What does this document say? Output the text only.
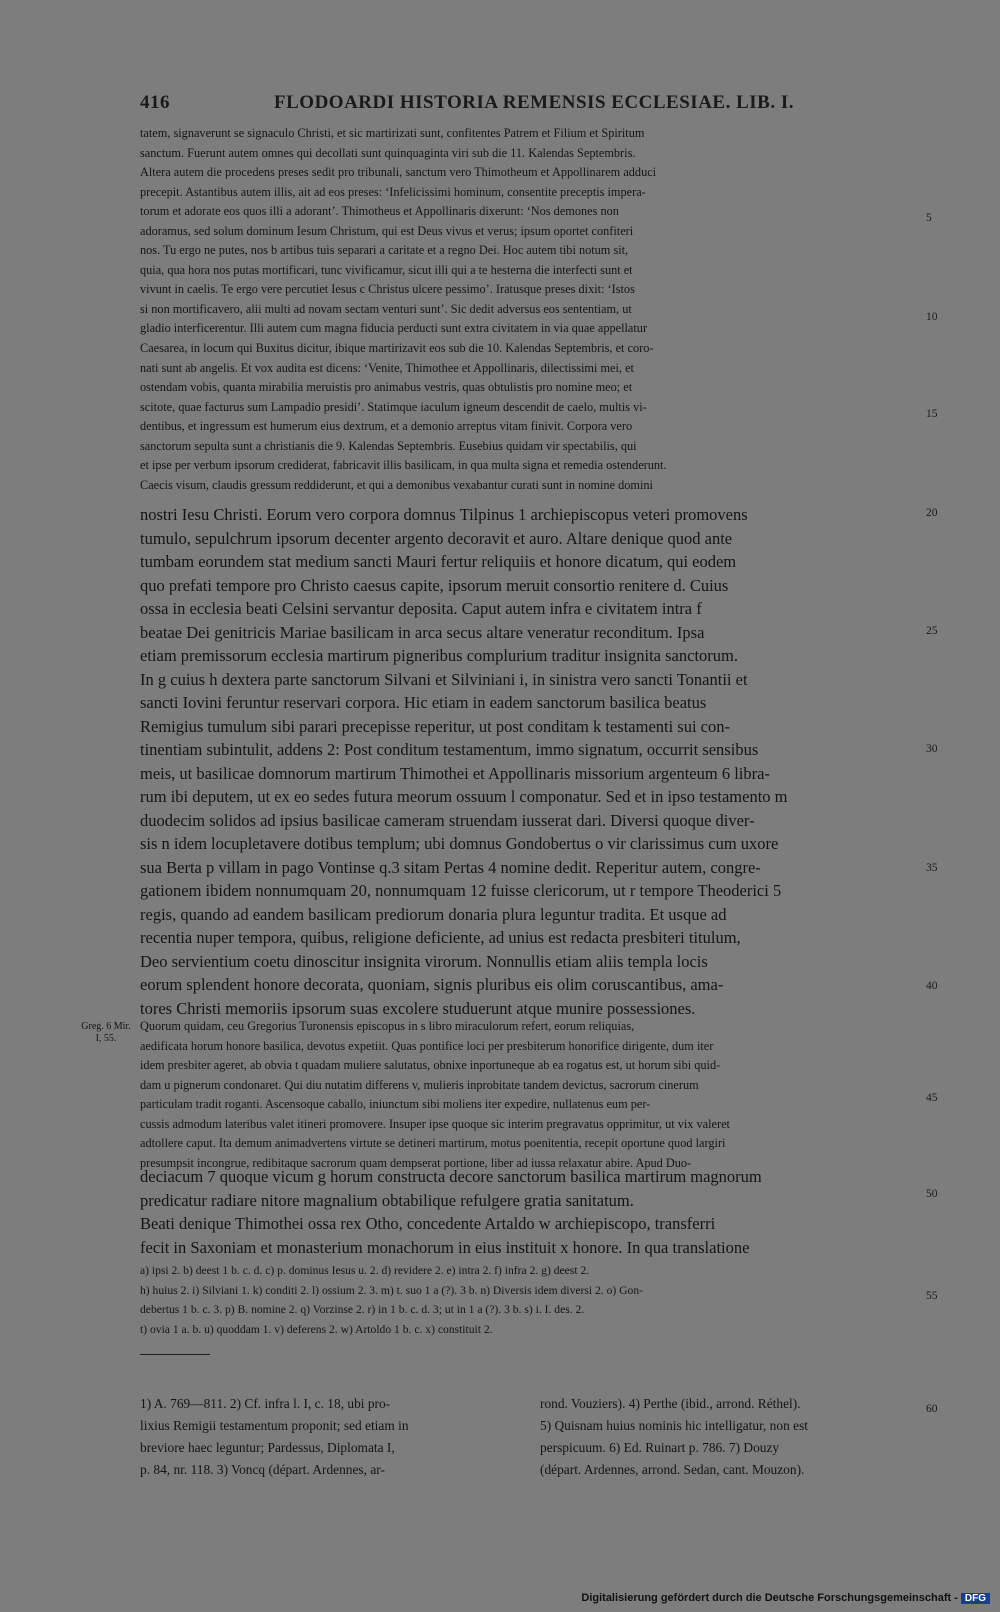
416	FLODOARDI HISTORIA REMENSIS ECCLESIAE. LIB. I.
tatem, signaverunt se signaculo Christi, et sic martirizati sunt, confitentes Patrem et Filium et Spiritum
sanctum. Fuerunt autem omnes qui decollati sunt quinquaginta viri sub die 11. Kalendas Septembris.
Altera autem die procedens preses sedit pro tribunali, sanctum vero Thimotheum et Appollinarem adduci
precepit. Astantibus autem illis, ait ad eos preses: ‘Infelicissimi hominum, consentite preceptis impera-
torum et adorate eos quos illi a adorant’. Thimotheus et Appollinaris dixerunt: ‘Nos demones non
adoramus, sed solum dominum Iesum Christum, qui est Deus vivus et verus; ipsum oportet confiteri
nos. Tu ergo ne putes, nos b artibus tuis separari a caritate et a regno Dei. Hoc autem tibi notum sit,
quia, qua hora nos putas mortificari, tunc vivificamur, sicut illi qui a te hesterna die interfecti sunt et
vivunt in caelis. Te ergo vere percutiet Iesus c Christus ulcere pessimo’. Iratusque preses dixit: ‘Istos
si non mortificavero, alii multi ad novam sectam venturi sunt’. Sic dedit adversus eos sententiam, ut
gladio interficerentur. Illi autem cum magna fiducia perducti sunt extra civitatem in via quae appellatur
Caesarea, in locum qui Buxitus dicitur, ibique martirizavit eos sub die 10. Kalendas Septembris, et coro-
nati sunt ab angelis. Et vox audita est dicens: ‘Venite, Thimothee et Appollinaris, dilectissimi mei, et
ostendam vobis, quanta mirabilia meruistis pro animabus vestris, quas obtulistis pro nomine meo; et
scitote, quae facturus sum Lampadio presidi’. Statimque iaculum igneum descendit de caelo, multis vi-
dentibus, et ingressum est humerum eius dextrum, et a demonio arreptus vitam finivit. Corpora vero
sanctorum sepulta sunt a christianis die 9. Kalendas Septembris. Eusebius quidam vir spectabilis, qui
et ipse per verbum ipsorum crediderat, fabricavit illis basilicam, in qua multa signa et remedia ostenderunt.
Caecis visum, claudis gressum reddiderunt, et qui a demonibus vexabantur curati sunt in nomine domini
nostri Iesu Christi. Eorum vero corpora domnus Tilpinus 1 archiepiscopus veteri promovens
tumulo, sepulchrum ipsorum decenter argento decoravit et auro. Altare denique quod ante
tumbam eorundem stat medium sancti Mauri fertur reliquiis et honore dicatum, qui eodem
quo prefati tempore pro Christo caesus capite, ipsorum meruit consortio renitere d. Cuius
ossa in ecclesia beati Celsini servantur deposita. Caput autem infra e civitatem intra f
beatae Dei genitricis Mariae basilicam in arca secus altare veneratur reconditum. Ipsa
etiam premissorum ecclesia martirum pigneribus complurium traditur insignita sanctorum.
In g cuius h dextera parte sanctorum Silvani et Silviniani i, in sinistra vero sancti Tonantii et
sancti Iovini feruntur reservari corpora. Hic etiam in eadem sanctorum basilica beatus
Remigius tumulum sibi parari precepisse reperitur, ut post conditam k testamenti sui con-
tinentiam subintulit, addens 2: Post conditum testamentum, immo signatum, occurrit sensibus
meis, ut basilicae domnorum martirum Thimothei et Appollinaris missorium argenteum 6 libra-
rum ibi deputem, ut ex eo sedes futura meorum ossuum l componatur. Sed et in ipso testamento m
duodecim solidos ad ipsius basilicae cameram struendam iusserat dari. Diversi quoque diver-
sis n idem locupletavere dotibus templum; ubi domnus Gondobertus o vir clarissimus cum uxore
sua Berta p villam in pago Vontinse q.3 sitam Pertas 4 nomine dedit. Reperitur autem, congre-
gationem ibidem nonnumquam 20, nonnumquam 12 fuisse clericorum, ut r tempore Theoderici 5
regis, quando ad eandem basilicam prediorum donaria plura leguntur tradita. Et usque ad
recentia nuper tempora, quibus, religione deficiente, ad unius est redacta presbiteri titulum,
Deo servientium coetu dinoscitur insignita virorum. Nonnullis etiam aliis templa locis
eorum splendent honore decorata, quoniam, signis pluribus eis olim coruscantibus, ama-
tores Christi memoriis ipsorum suas excolere studuerunt atque munire possessiones.
Quorum quidam, ceu Gregorius Turonensis episcopus in s libro miraculorum refert, eorum reliquias,
aedificata horum honore basilica, devotus expetiit. Quas pontifice loci per presbiterum honorifice dirigente, dum iter
idem presbiter ageret, ab obvia t quadam muliere salutatus, obnixe inportuneque ab ea rogatus est, ut horum sibi quid-
dam u pignerum condonaret. Qui diu nutatim differens v, mulieris inprobitate tandem devictus, sacrorum cinerum
particulam tradit roganti. Ascensoque caballo, iniunctum sibi moliens iter expedire, nullatenus eum per-
cussis admodum lateribus valet itineri promovere. Insuper ipse quoque sic interim pregravatus opprimitur, ut vix valeret
adtollere caput. Ita demum animadvertens virtute se detineri martirum, motus poenitentia, recepit oportune quod largiri
presumpsit incongrue, redibitaque sacrorum quam dempserat portione, liber ad iussa relaxatur abire. Apud Duo-
deciacum 7 quoque vicum g horum constructa decore sanctorum basilica martirum magnorum
predicatur radiare nitore magnalium obtabilique refulgere gratia sanitatum.
Beati denique Thimothei ossa rex Otho, concedente Artaldo w archiepiscopo, transferri
fecit in Saxoniam et monasterium monachorum in eius instituit x honore. In qua translatione
Greg. 6 Mir.
I, 55.
5
10
15
20
25
30
35
40
45
50
55
60
a) ipsi 2. b) deest 1 b. c. d. c) p. dominus Iesus u. 2. d) revidere 2. e) intra 2. f) infra 2. g) deest 2.
h) huius 2. i) Silviani 1. k) conditi 2. l) ossium 2. 3. m) t. suo 1 a (?). 3 b. n) Diversis idem diversi 2. o) Gon-
debertus 1 b. c. 3. p) B. nomine 2. q) Vorzinse 2. r) in 1 b. c. d. 3; ut in 1 a (?). 3 b. s) i. I. des. 2.
t) ovia 1 a. b. u) quoddam 1. v) deferens 2. w) Artoldo 1 b. c. x) constituit 2.
1) A. 769—811. 2) Cf. infra l. I, c. 18, ubi pro-
lixius Remigii testamentum proponit; sed etiam in
breviore haec leguntur; Pardessus, Diplomata I,
p. 84, nr. 118. 3) Voncq (départ. Ardennes, ar-
rond. Vouziers). 4) Perthe (ibid., arrond. Réthel).
5) Quisnam huius nominis hic intelligatur, non est
perspicuum. 6) Ed. Ruinart p. 786. 7) Douzy
(départ. Ardennes, arrond. Sedan, cant. Mouzon).
Digitalisierung gefördert durch die Deutsche Forschungsgemeinschaft - DFG
